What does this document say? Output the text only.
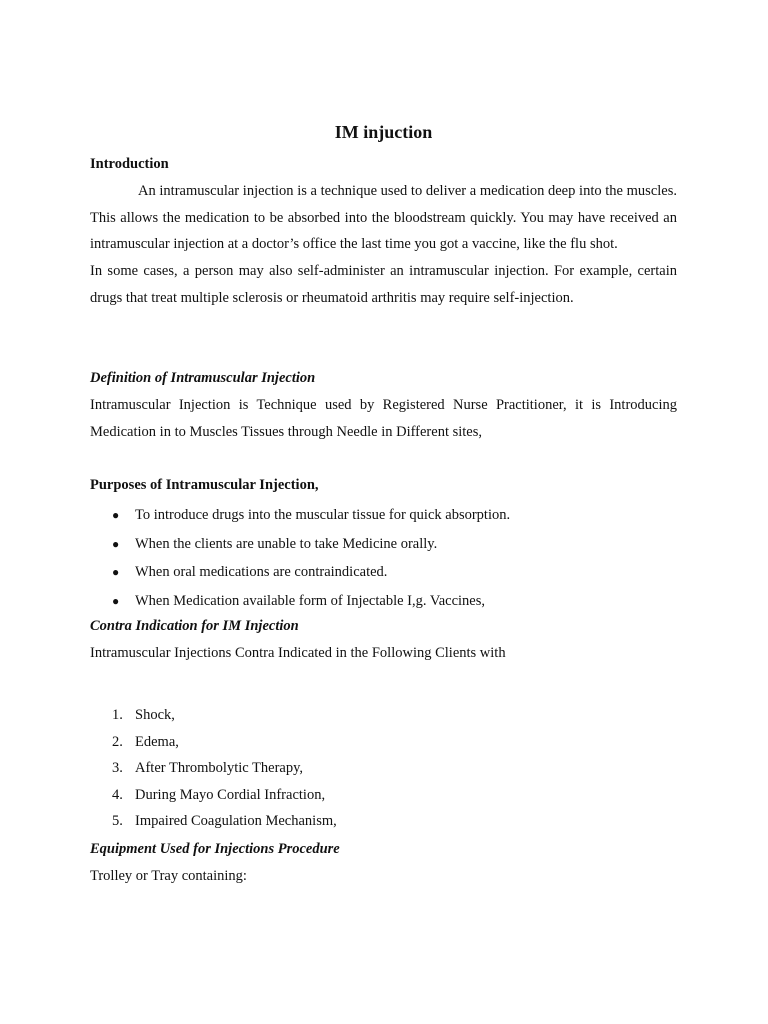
IM injuction
Introduction

An intramuscular injection is a technique used to deliver a medication deep into the muscles. This allows the medication to be absorbed into the bloodstream quickly. You may have received an intramuscular injection at a doctor’s office the last time you got a vaccine, like the flu shot.

In some cases, a person may also self-administer an intramuscular injection. For example, certain drugs that treat multiple sclerosis or rheumatoid arthritis may require self-injection.

Definition of Intramuscular Injection

Intramuscular Injection is Technique used by Registered Nurse Practitioner, it is Introducing Medication in to Muscles Tissues through Needle in Different sites,

Purposes of Intramuscular Injection,
● To introduce drugs into the muscular tissue for quick absorption.
● When the clients are unable to take Medicine orally.
● When oral medications are contraindicated.
● When Medication available form of Injectable I,g. Vaccines,
Contra Indication for IM Injection
Intramuscular Injections Contra Indicated in the Following Clients with
1. Shock,
2. Edema,
3. After Thrombolytic Therapy,
4. During Mayo Cordial Infraction,
5. Impaired Coagulation Mechanism,
Equipment Used for Injections Procedure
Trolley or Tray containing:
